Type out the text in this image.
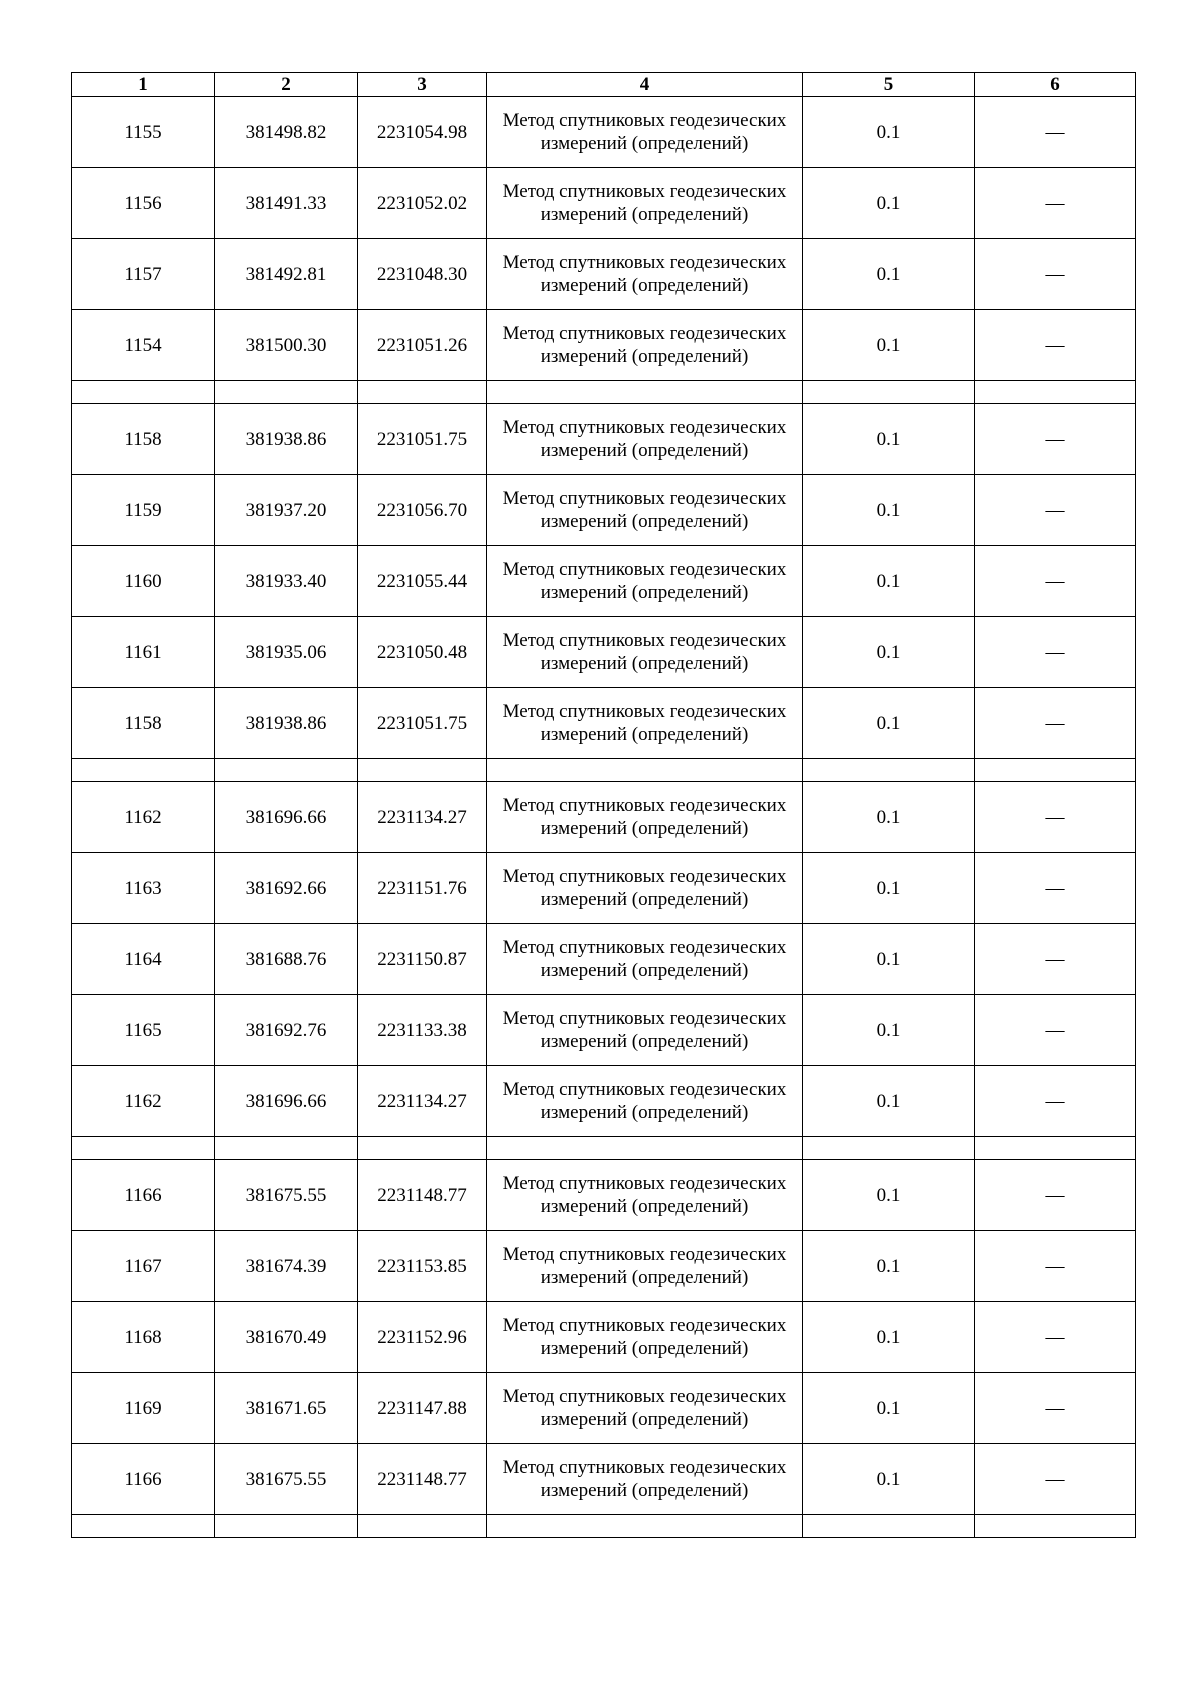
1	2	3	4	5	6
1155	381498.82	2231054.98	Метод спутниковых геодезических измерений (определений)	0.1	—
1156	381491.33	2231052.02	Метод спутниковых геодезических измерений (определений)	0.1	—
1157	381492.81	2231048.30	Метод спутниковых геодезических измерений (определений)	0.1	—
1154	381500.30	2231051.26	Метод спутниковых геодезических измерений (определений)	0.1	—

1158	381938.86	2231051.75	Метод спутниковых геодезических измерений (определений)	0.1	—
1159	381937.20	2231056.70	Метод спутниковых геодезических измерений (определений)	0.1	—
1160	381933.40	2231055.44	Метод спутниковых геодезических измерений (определений)	0.1	—
1161	381935.06	2231050.48	Метод спутниковых геодезических измерений (определений)	0.1	—
1158	381938.86	2231051.75	Метод спутниковых геодезических измерений (определений)	0.1	—

1162	381696.66	2231134.27	Метод спутниковых геодезических измерений (определений)	0.1	—
1163	381692.66	2231151.76	Метод спутниковых геодезических измерений (определений)	0.1	—
1164	381688.76	2231150.87	Метод спутниковых геодезических измерений (определений)	0.1	—
1165	381692.76	2231133.38	Метод спутниковых геодезических измерений (определений)	0.1	—
1162	381696.66	2231134.27	Метод спутниковых геодезических измерений (определений)	0.1	—

1166	381675.55	2231148.77	Метод спутниковых геодезических измерений (определений)	0.1	—
1167	381674.39	2231153.85	Метод спутниковых геодезических измерений (определений)	0.1	—
1168	381670.49	2231152.96	Метод спутниковых геодезических измерений (определений)	0.1	—
1169	381671.65	2231147.88	Метод спутниковых геодезических измерений (определений)	0.1	—
1166	381675.55	2231148.77	Метод спутниковых геодезических измерений (определений)	0.1	—
